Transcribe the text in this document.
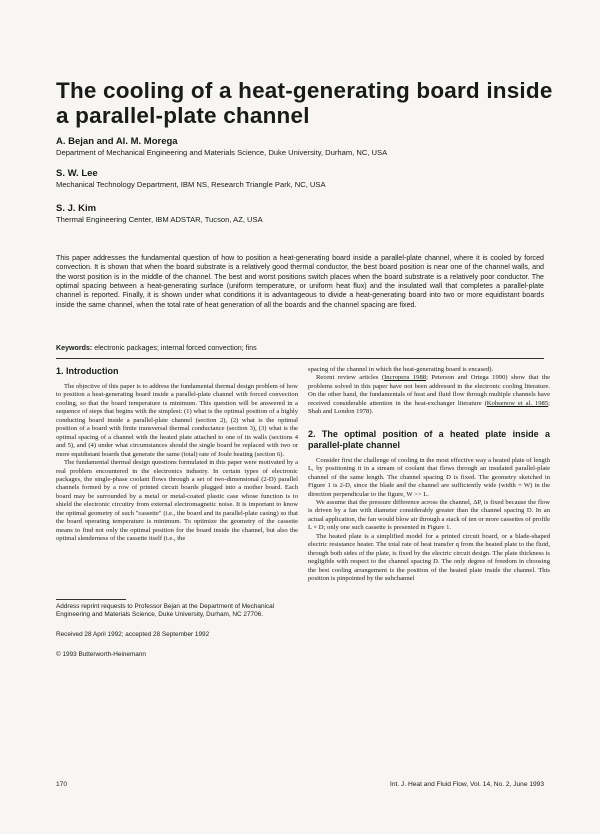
The cooling of a heat-generating board inside a parallel-plate channel
A. Bejan and Al. M. Morega
Department of Mechanical Engineering and Materials Science, Duke University, Durham, NC, USA
S. W. Lee
Mechanical Technology Department, IBM NS, Research Triangle Park, NC, USA
S. J. Kim
Thermal Engineering Center, IBM ADSTAR, Tucson, AZ, USA
This paper addresses the fundamental question of how to position a heat-generating board inside a parallel-plate channel, where it is cooled by forced convection. It is shown that when the board substrate is a relatively good thermal conductor, the best board position is near one of the channel walls, and the worst position is in the middle of the channel. The best and worst positions switch places when the board substrate is a relatively poor conductor. The optimal spacing between a heat-generating surface (uniform temperature, or uniform heat flux) and the insulated wall that completes a parallel-plate channel is reported. Finally, it is shown under what conditions it is advantageous to divide a heat-generating board into two or more equidistant boards inside the same channel, when the total rate of heat generation of all the boards and the channel spacing are fixed.
Keywords: electronic packages; internal forced convection; fins
1. Introduction

The objective of this paper is to address the fundamental thermal design problem of how to position a heat-generating board inside a parallel-plate channel with forced convection cooling, so that the board temperature is minimum. This question will be answered in a sequence of steps that begins with the simplest: (1) what is the optimal position of a highly conducting board inside a parallel-plate channel (section 2), (2) what is the optimal position of a board with finite transversal thermal conductance (section 3), (3) what is the optimal spacing of a channel with the heated plate attached to one of its walls (sections 4 and 5), and (4) under what circumstances should the single board be replaced with two or more equidistant boards that generate the same (total) rate of Joule heating (section 6).

The fundamental thermal design questions formulated in this paper were motivated by a real problem encountered in the electronics industry. In certain types of electronic packages, the single-phase coolant flows through a set of two-dimensional (2-D) parallel channels formed by a row of printed circuit boards plugged into a mother board. Each board may be surrounded by a metal or metal-coated plastic case whose function is to shield the electronic circuitry from external electromagnetic noise. It is important to know the optimal geometry of such "cassette" (i.e., the board and its parallel-plate casing) so that the board operating temperature is minimum. To optimize the geometry of the cassette means to find not only the optimal position for the board inside the channel, but also the optimal slenderness of the cassette itself (i.e., the

Address reprint requests to Professor Bejan at the Department of Mechanical Engineering and Materials Science, Duke University, Durham, NC 27706.
Received 28 April 1992; accepted 28 September 1992
© 1993 Butterworth-Heinemann

spacing of the channel in which the heat-generating board is encased).

Recent review articles (Incropera 1988; Peterson and Ortega 1990) show that the problems solved in this paper have not been addressed in the electronic cooling literature. On the other hand, the fundamentals of heat and fluid flow through multiple channels have received considerable attention in the heat-exchanger literature (Kohsenow et al. 1985; Shah and London 1978).

2. The optimal position of a heated plate inside a parallel-plate channel

Consider first the challenge of cooling in the most effective way a heated plate of length L, by positioning it in a stream of coolant that flows through an insulated parallel-plate channel of the same length. The channel spacing D is fixed. The geometry sketched in Figure 1 is 2-D, since the blade and the channel are sufficiently wide (width = W) in the direction perpendicular to the figure, W >> L.

We assume that the pressure difference across the channel, ΔP, is fixed because the flow is driven by a fan with diameter considerably greater than the channel spacing D. In an actual application, the fan would blow air through a stack of ten or more cassettes of profile L × D; only one such cassette is presented in Figure 1.

The heated plate is a simplified model for a printed circuit board, or a blade-shaped electric resistance heater. The total rate of heat transfer q from the heated plate to the fluid, through both sides of the plate, is fixed by the electric circuit design. The plate thickness is negligible with respect to the channel spacing D. The only degree of freedom in choosing the best cooling arrangement is the position of the heated plate inside the channel. This position is pinpointed by the subchannel

170	Int. J. Heat and Fluid Flow, Vol. 14, No. 2, June 1993
